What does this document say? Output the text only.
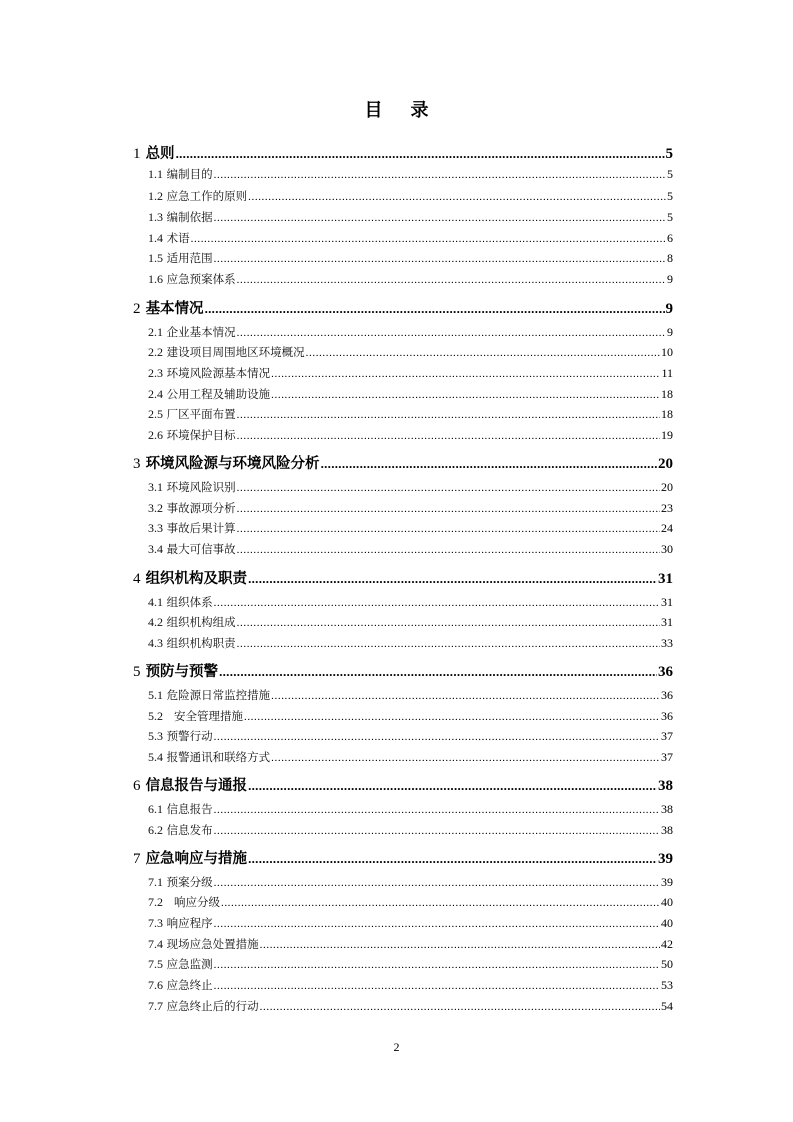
目 录
1 总则 .....	5
1.1 编制目的 .....	5
1.2 应急工作的原则 .....	5
1.3 编制依据 .....	5
1.4 术语 .....	6
1.5 适用范围 .....	8
1.6 应急预案体系 .....	9
2 基本情况 .....	9
2.1 企业基本情况 .....	9
2.2 建设项目周围地区环境概况 .....	10
2.3 环境风险源基本情况 .....	11
2.4 公用工程及辅助设施 .....	18
2.5 厂区平面布置 .....	18
2.6 环境保护目标 .....	19
3 环境风险源与环境风险分析 .....	20
3.1 环境风险识别 .....	20
3.2 事故源项分析 .....	23
3.3 事故后果计算 .....	24
3.4 最大可信事故 .....	30
4 组织机构及职责 .....	31
4.1 组织体系 .....	31
4.2 组织机构组成 .....	31
4.3 组织机构职责 .....	33
5 预防与预警 .....	36
5.1 危险源日常监控措施 .....	36
5.2 安全管理措施 .....	36
5.3 预警行动 .....	37
5.4 报警通讯和联络方式 .....	37
6 信息报告与通报 .....	38
6.1 信息报告 .....	38
6.2 信息发布 .....	38
7 应急响应与措施 .....	39
7.1 预案分级 .....	39
7.2 响应分级 .....	40
7.3 响应程序 .....	40
7.4 现场应急处置措施 .....	42
7.5 应急监测 .....	50
7.6 应急终止 .....	53
7.7 应急终止后的行动 .....	54
2
